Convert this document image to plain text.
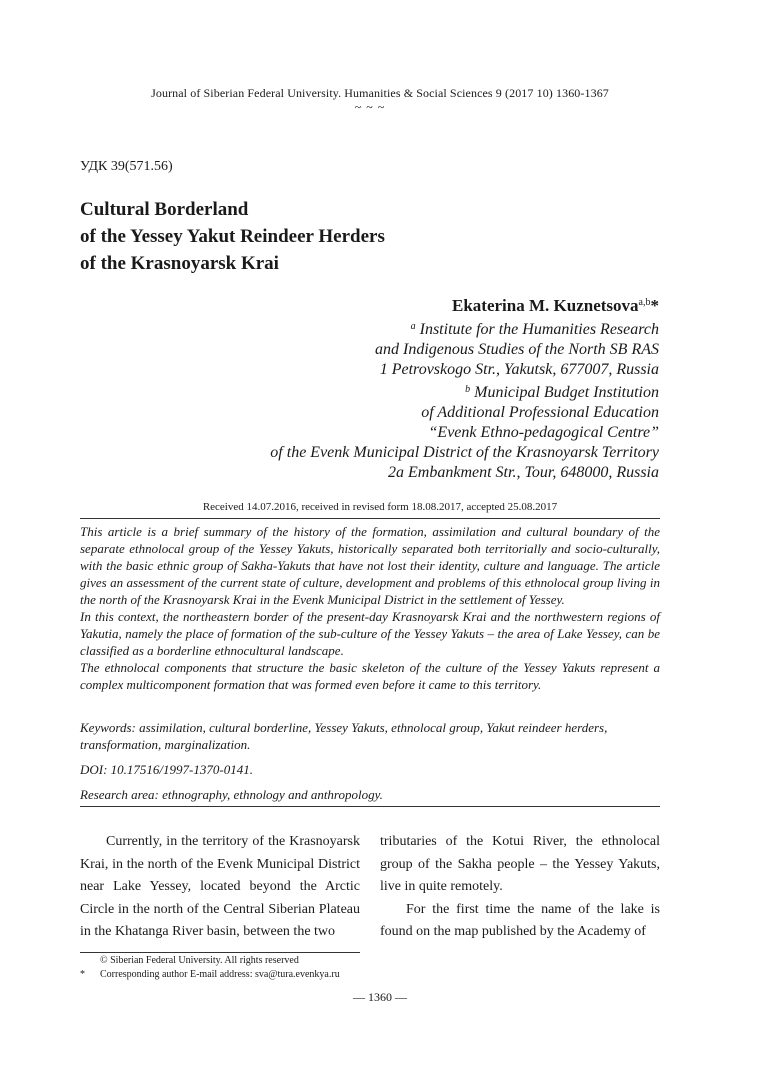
Journal of Siberian Federal University. Humanities & Social Sciences 9 (2017 10) 1360-1367
~ ~ ~
УДК 39(571.56)
Cultural Borderland
of the Yessey Yakut Reindeer Herders
of the Krasnoyarsk Krai
Ekaterina M. Kuznetsova$^{a,b}$*
$^a$ Institute for the Humanities Research
and Indigenous Studies of the North SB RAS
1 Petrovskogo Str., Yakutsk, 677007, Russia
$^b$ Municipal Budget Institution
of Additional Professional Education
“Evenk Ethno-pedagogical Centre”
of the Evenk Municipal District of the Krasnoyarsk Territory
2a Embankment Str., Tour, 648000, Russia
Received 14.07.2016, received in revised form 18.08.2017, accepted 25.08.2017

This article is a brief summary of the history of the formation, assimilation and cultural boundary of the separate ethnolocal group of the Yessey Yakuts, historically separated both territorially and socio-culturally, with the basic ethnic group of Sakha-Yakuts that have not lost their identity, culture and language. The article gives an assessment of the current state of culture, development and problems of this ethnolocal group living in the north of the Krasnoyarsk Krai in the Evenk Municipal District in the settlement of Yessey.

In this context, the northeastern border of the present-day Krasnoyarsk Krai and the northwestern regions of Yakutia, namely the place of formation of the sub-culture of the Yessey Yakuts – the area of Lake Yessey, can be classified as a borderline ethnocultural landscape.

The ethnolocal components that structure the basic skeleton of the culture of the Yessey Yakuts represent a complex multicomponent formation that was formed even before it came to this territory.

Keywords: assimilation, cultural borderline, Yessey Yakuts, ethnolocal group, Yakut reindeer herders, transformation, marginalization.
DOI: 10.17516/1997-1370-0141.
Research area: ethnography, ethnology and anthropology.

Currently, in the territory of the Krasnoyarsk Krai, in the north of the Evenk Municipal District near Lake Yessey, located beyond the Arctic Circle in the north of the Central Siberian Plateau in the Khatanga River basin, between the two

tributaries of the Kotui River, the ethnolocal group of the Sakha people – the Yessey Yakuts, live in quite remotely.

For the first time the name of the lake is found on the map published by the Academy of

© Siberian Federal University. All rights reserved
* Corresponding author E-mail address: sva@tura.evenkya.ru
— 1360 —
